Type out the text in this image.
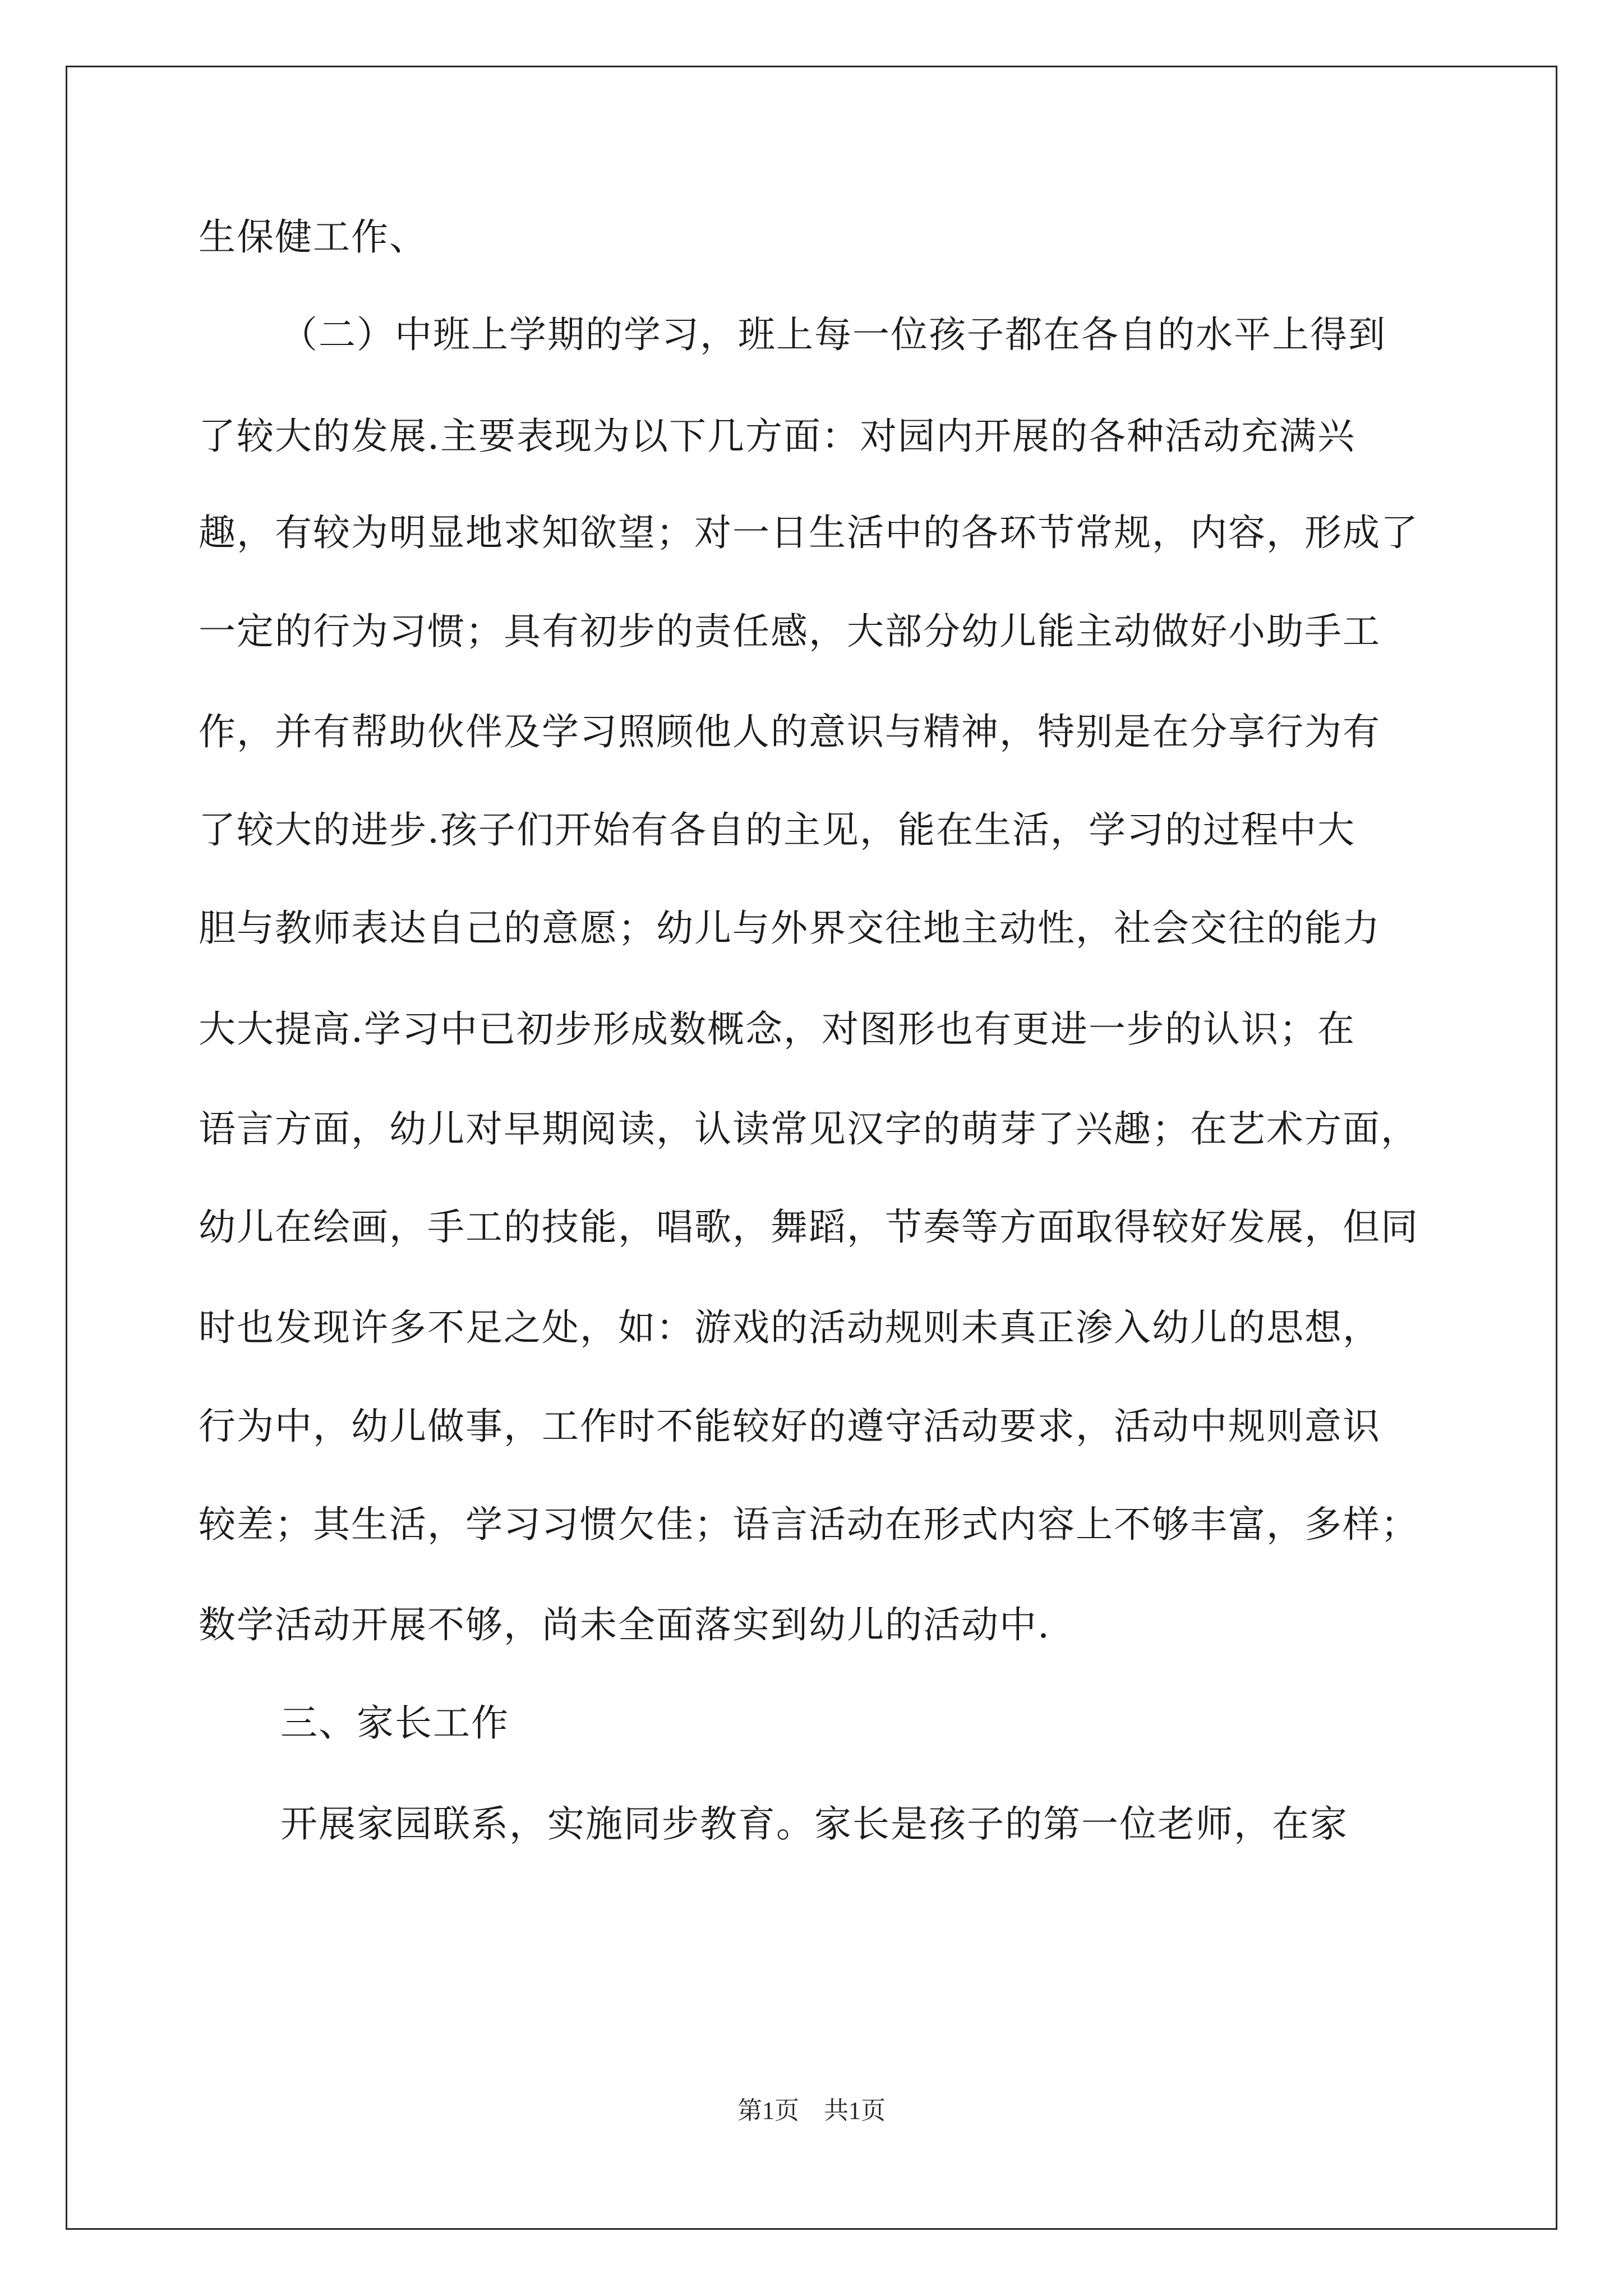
生保健工作、

（二）中班上学期的学习，班上每一位孩子都在各自的水平上得到

了较大的发展.主要表现为以下几方面：对园内开展的各种活动充满兴

趣，有较为明显地求知欲望；对一日生活中的各环节常规，内容，形成了

一定的行为习惯；具有初步的责任感，大部分幼儿能主动做好小助手工

作，并有帮助伙伴及学习照顾他人的意识与精神，特别是在分享行为有

了较大的进步.孩子们开始有各自的主见，能在生活，学习的过程中大

胆与教师表达自己的意愿；幼儿与外界交往地主动性，社会交往的能力

大大提高.学习中已初步形成数概念，对图形也有更进一步的认识；在

语言方面，幼儿对早期阅读，认读常见汉字的萌芽了兴趣；在艺术方面，

幼儿在绘画，手工的技能，唱歌，舞蹈，节奏等方面取得较好发展，但同

时也发现许多不足之处，如：游戏的活动规则未真正渗入幼儿的思想，

行为中，幼儿做事，工作时不能较好的遵守活动要求，活动中规则意识

较差；其生活，学习习惯欠佳；语言活动在形式内容上不够丰富，多样；

数学活动开展不够，尚未全面落实到幼儿的活动中.

三、家长工作

开展家园联系，实施同步教育。家长是孩子的第一位老师，在家

第1页　共1页
